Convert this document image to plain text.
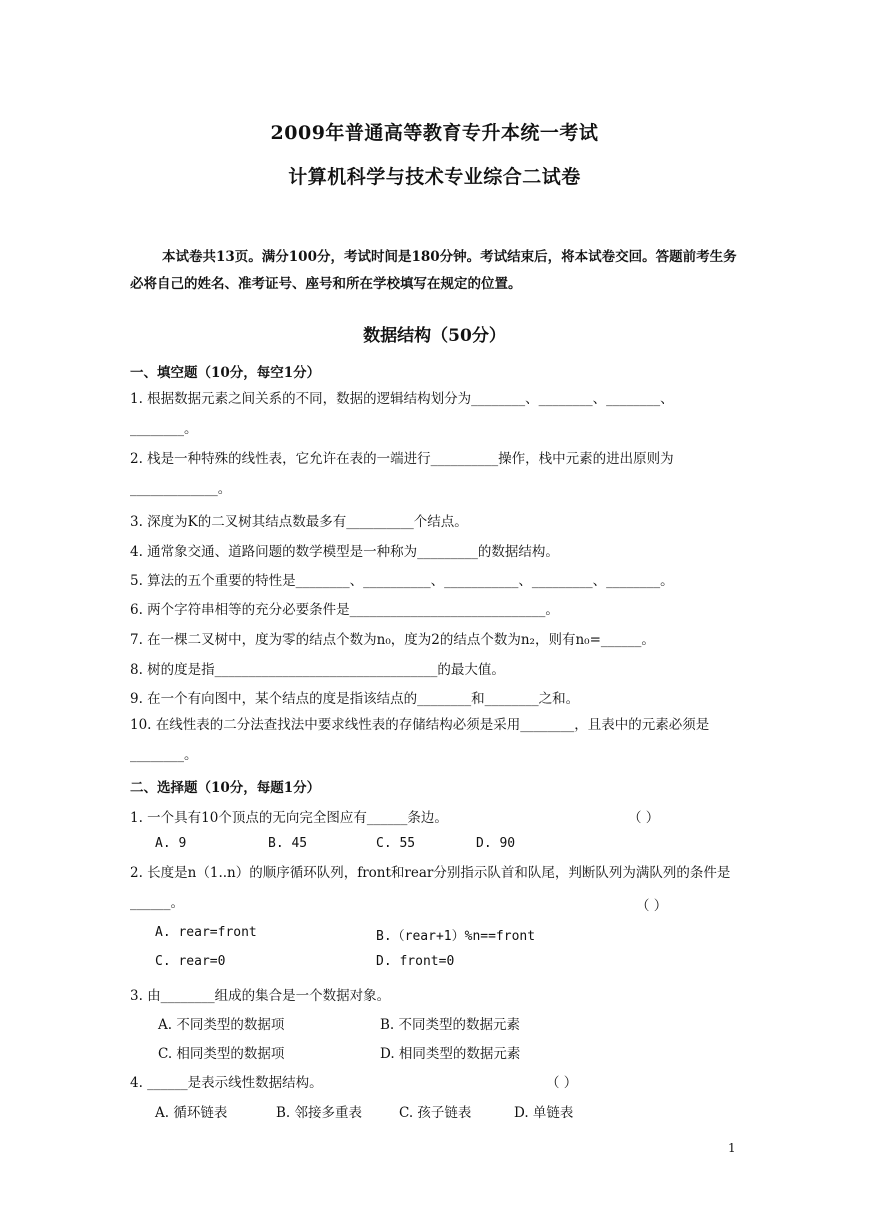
2009年普通高等教育专升本统一考试
计算机科学与技术专业综合二试卷
本试卷共13页。满分100分，考试时间是180分钟。考试结束后，将本试卷交回。答题前考生务必将自己的姓名、准考证号、座号和所在学校填写在规定的位置。
数据结构（50分）
一、填空题（10分，每空1分）
1. 根据数据元素之间关系的不同，数据的逻辑结构划分为________、________、________、________。
2. 栈是一种特殊的线性表，它允许在表的一端进行__________操作，栈中元素的进出原则为_____________。
3. 深度为K的二叉树其结点数最多有__________个结点。
4. 通常象交通、道路问题的数学模型是一种称为_________的数据结构。
5. 算法的五个重要的特性是________、__________、___________、_________、________。
6. 两个字符串相等的充分必要条件是_____________________________。
7. 在一棵二叉树中，度为零的结点个数为n₀，度为2的结点个数为n₂，则有n₀=______。
8. 树的度是指_________________________________的最大值。
9. 在一个有向图中，某个结点的度是指该结点的________和________之和。
10. 在线性表的二分法查找法中要求线性表的存储结构必须是采用________，且表中的元素必须是________。
二、选择题（10分，每题1分）
1. 一个具有10个顶点的无向完全图应有______条边。	（ ）
A. 9	B. 45	C. 55	D. 90
2. 长度是n（1..n）的顺序循环队列，front和rear分别指示队首和队尾，判断队列为满队列的条件是______。	（ ）
A. rear=front	B.（rear+1）%n==front
C. rear=0	D. front=0
3. 由________组成的集合是一个数据对象。
A. 不同类型的数据项	B. 不同类型的数据元素
C. 相同类型的数据项	D. 相同类型的数据元素
4. ______是表示线性数据结构。	（ ）
A. 循环链表	B. 邻接多重表	C. 孩子链表	D. 单链表
1
